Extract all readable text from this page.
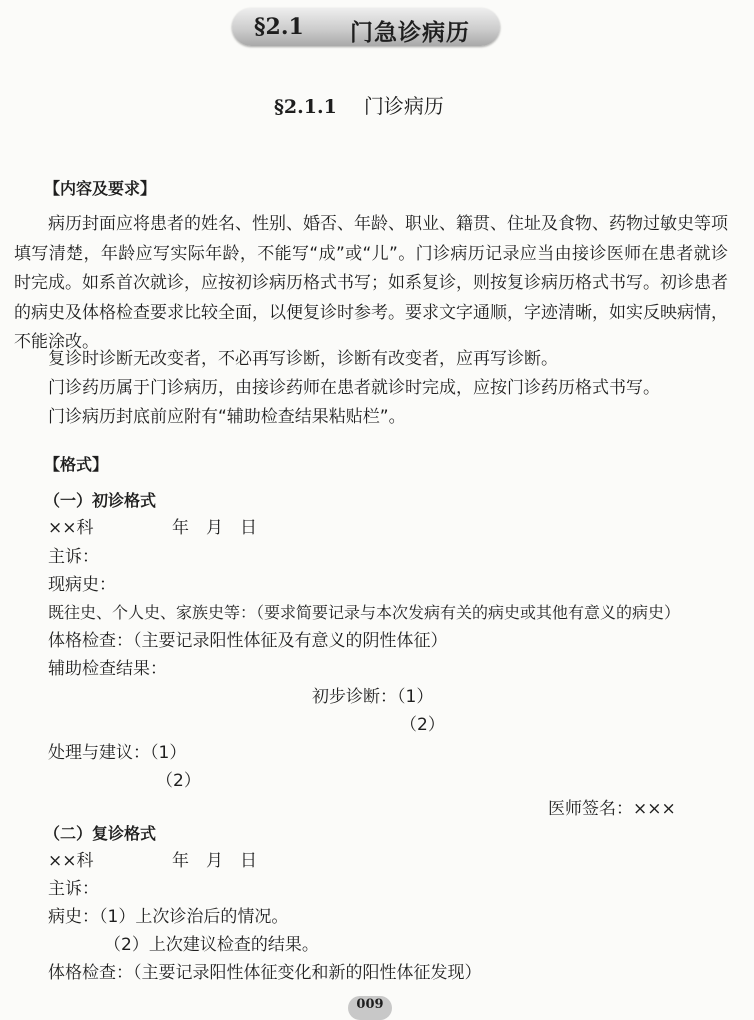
§2.1 门急诊病历
§2.1.1 门诊病历
【内容及要求】

病历封面应将患者的姓名、性别、婚否、年龄、职业、籍贯、住址及食物、药物过敏史等项填写清楚，年龄应写实际年龄，不能写“成”或“儿”。门诊病历记录应当由接诊医师在患者就诊时完成。如系首次就诊，应按初诊病历格式书写；如系复诊，则按复诊病历格式书写。初诊患者的病史及体格检查要求比较全面，以便复诊时参考。要求文字通顺，字迹清晰，如实反映病情，不能涂改。

复诊时诊断无改变者，不必再写诊断，诊断有改变者，应再写诊断。

门诊药历属于门诊病历，由接诊药师在患者就诊时完成，应按门诊药历格式书写。

门诊病历封底前应附有“辅助检查结果粘贴栏”。

【格式】
（一）初诊格式
××科	年　月　日
主诉：
现病史：
既往史、个人史、家族史等：（要求简要记录与本次发病有关的病史或其他有意义的病史）
体格检查：（主要记录阳性体征及有意义的阴性体征）
辅助检查结果：
初步诊断：（1）
（2）
处理与建议：（1）
（2）
医师签名：×××
（二）复诊格式
××科	年　月　日
主诉：
病史：（1）上次诊治后的情况。
（2）上次建议检查的结果。
体格检查：（主要记录阳性体征变化和新的阳性体征发现）
009
